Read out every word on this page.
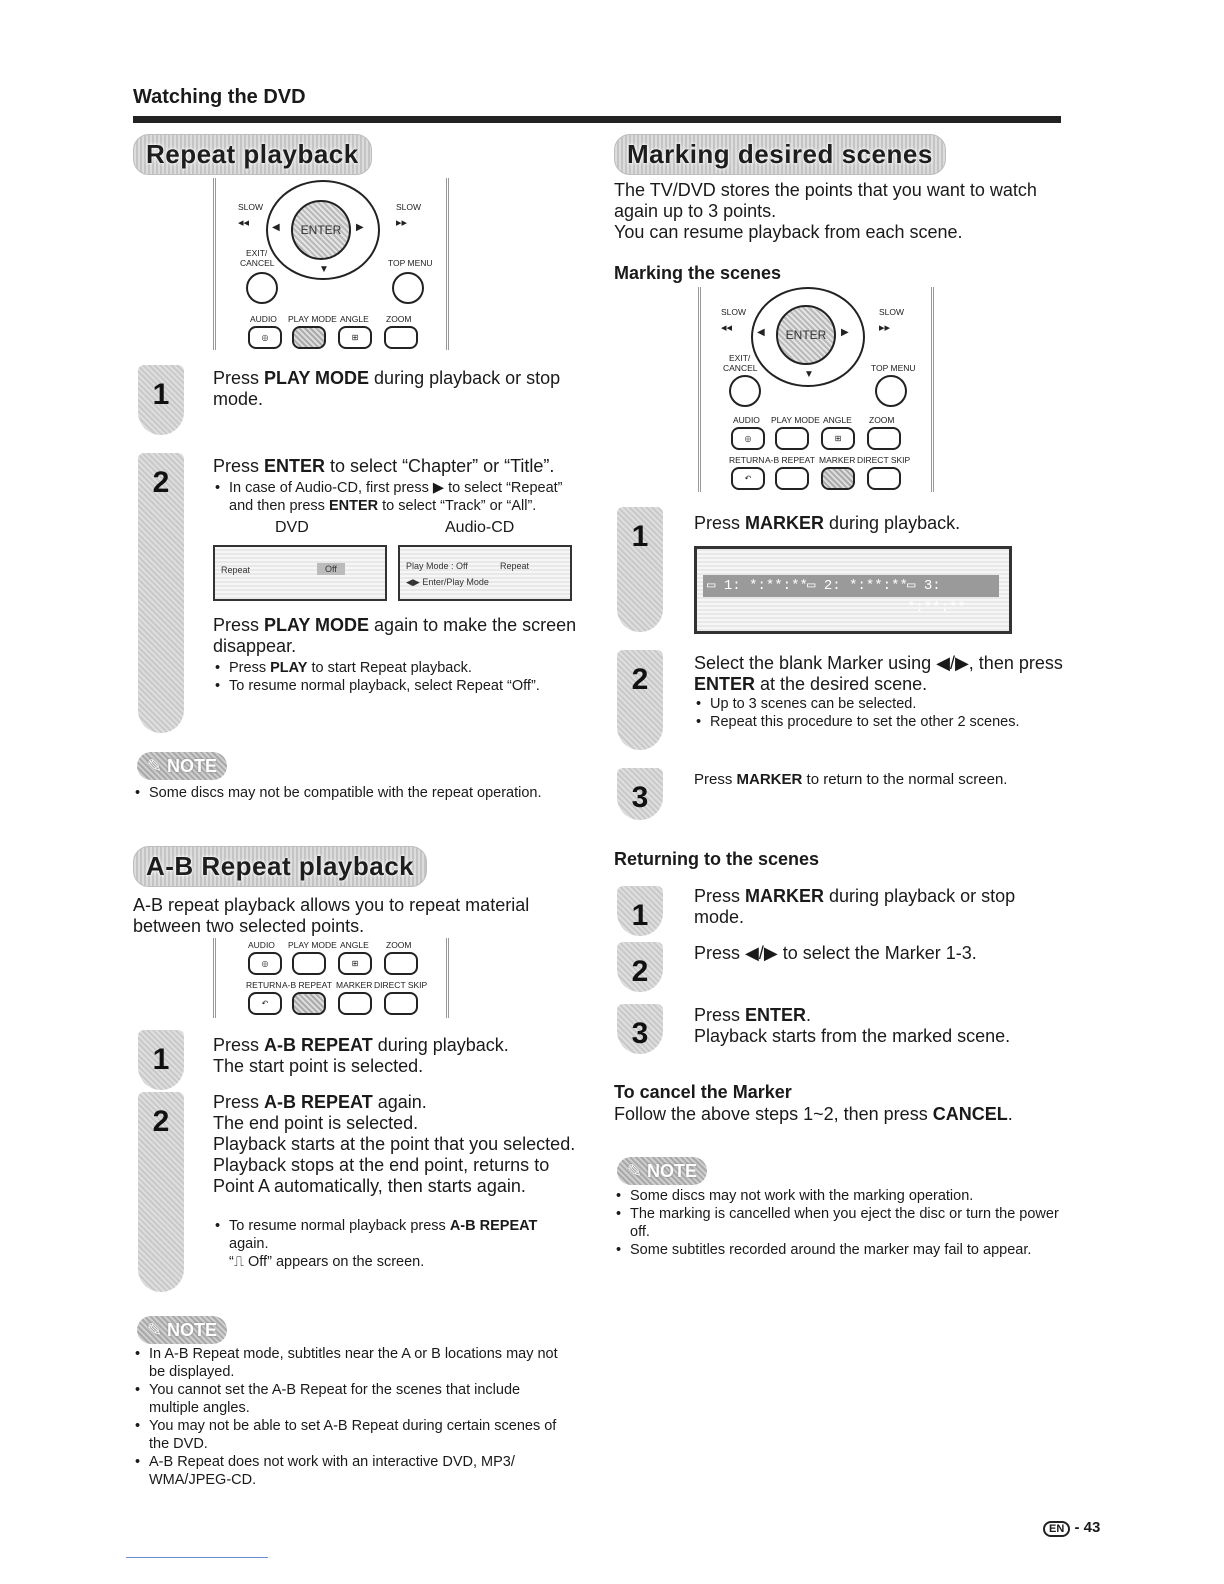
Watching the DVD
Repeat playback
SLOW
◂◂
SLOW
▸▸
ENTER
◀	▶
▼
EXIT/
CANCEL	TOP MENU
AUDIO PLAY MODE ANGLE ZOOM
◎	⊞
1	Press PLAY MODE during playback or stop mode.
2	Press ENTER to select “Chapter” or “Title”.
• In case of Audio-CD, first press ▶ to select “Repeat” and then press ENTER to select “Track” or “All”.
DVD	Audio-CD
Repeat	Off	Play Mode : Off	Repeat
◀▶ Enter/Play Mode
Press PLAY MODE again to make the screen disappear.
• Press PLAY to start Repeat playback.
• To resume normal playback, select Repeat “Off”.
✎ NOTE
• Some discs may not be compatible with the repeat operation.
A-B Repeat playback
A-B repeat playback allows you to repeat material between two selected points.
AUDIO PLAY MODE ANGLE ZOOM
◎	⊞
RETURN A-B REPEAT MARKER DIRECT SKIP
↶
1	Press A-B REPEAT during playback.
The start point is selected.
2
Press A-B REPEAT again.
The end point is selected.
Playback starts at the point that you selected. Playback stops at the end point, returns to Point A automatically, then starts again.
• To resume normal playback press A-B REPEAT again.
“⎍ Off” appears on the screen.
✎ NOTE
• In A-B Repeat mode, subtitles near the A or B locations may not be displayed.
• You cannot set the A-B Repeat for the scenes that include multiple angles.
• You may not be able to set A-B Repeat during certain scenes of the DVD.
• A-B Repeat does not work with an interactive DVD, MP3/ WMA/JPEG-CD.
Marking desired scenes
The TV/DVD stores the points that you want to watch again up to 3 points.
You can resume playback from each scene.
Marking the scenes
SLOW
◂◂
SLOW
▸▸
ENTER
◀	▶
▼
EXIT/
CANCEL	TOP MENU
AUDIO PLAY MODE ANGLE ZOOM
◎	⊞
RETURN A-B REPEAT MARKER DIRECT SKIP
↶
1	Press MARKER during playback.
▭ 1: *:**:** ▭ 2: *:**:** ▭ 3: *:**:**
2	Select the blank Marker using ◀/▶, then press ENTER at the desired scene.
• Up to 3 scenes can be selected.
• Repeat this procedure to set the other 2 scenes.
3
Press MARKER to return to the normal screen.
Returning to the scenes
1
Press MARKER during playback or stop mode.
2
Press ◀/▶ to select the Marker 1-3.
3
Press ENTER.
Playback starts from the marked scene.
To cancel the Marker
Follow the above steps 1~2, then press CANCEL.
✎ NOTE
• Some discs may not work with the marking operation.
• The marking is cancelled when you eject the disc or turn the power off.
• Some subtitles recorded around the marker may fail to appear.
EN - 43
